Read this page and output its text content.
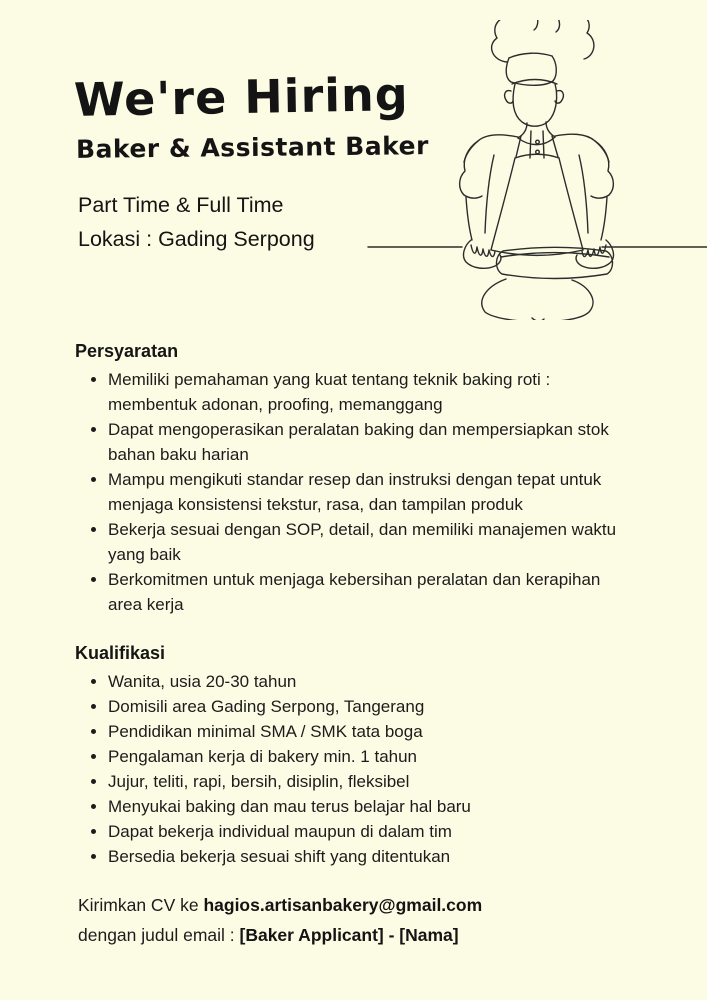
We're Hiring
Baker & Assistant Baker
Part Time & Full Time
Lokasi : Gading Serpong
Persyaratan
• Memiliki pemahaman yang kuat tentang teknik baking roti : membentuk adonan, proofing, memanggang
• Dapat mengoperasikan peralatan baking dan mempersiapkan stok bahan baku harian
• Mampu mengikuti standar resep dan instruksi dengan tepat untuk menjaga konsistensi tekstur, rasa, dan tampilan produk
• Bekerja sesuai dengan SOP, detail, dan memiliki manajemen waktu yang baik
• Berkomitmen untuk menjaga kebersihan peralatan dan kerapihan area kerja
Kualifikasi
• Wanita, usia 20-30 tahun
• Domisili area Gading Serpong, Tangerang
• Pendidikan minimal SMA / SMK tata boga
• Pengalaman kerja di bakery min. 1 tahun
• Jujur, teliti, rapi, bersih, disiplin, fleksibel
• Menyukai baking dan mau terus belajar hal baru
• Dapat bekerja individual maupun di dalam tim
• Bersedia bekerja sesuai shift yang ditentukan
Kirimkan CV ke hagios.artisanbakery@gmail.com
dengan judul email : [Baker Applicant] - [Nama]
